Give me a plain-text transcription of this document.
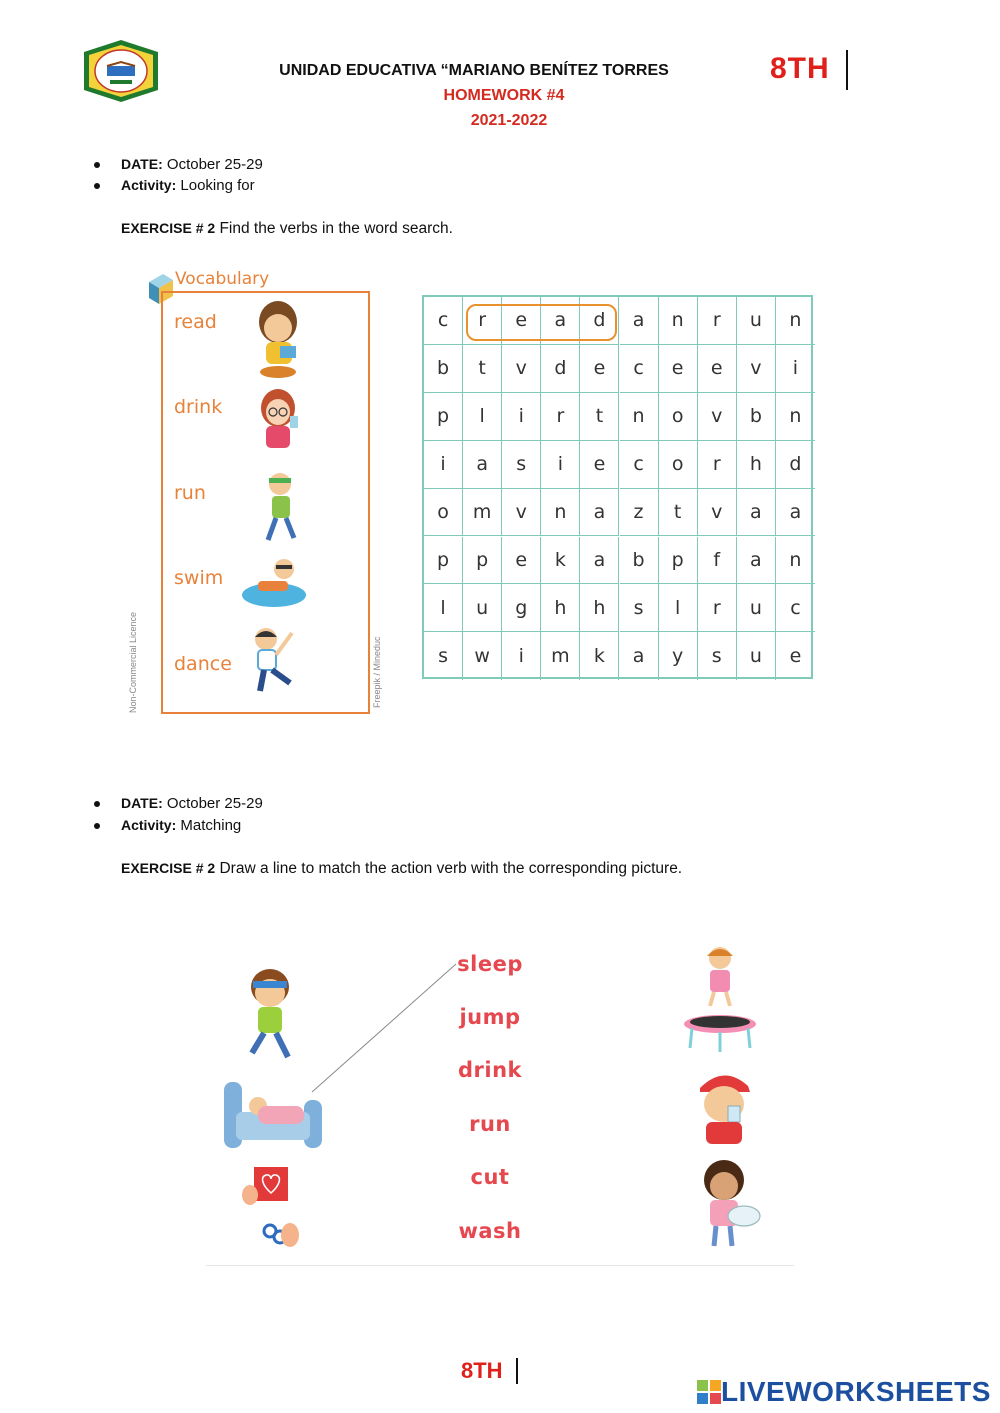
UNIDAD EDUCATIVA “MARIANO BENÍTEZ TORRES
HOMEWORK #4
2021-2022
8TH
DATE: October 25-29
Activity: Looking for
EXERCISE # 2 Find the verbs in the word search.
Vocabulary
read
drink
run
swim
dance
Non-Commercial Licence	Freepik / Mineduc
c	r	e	a	d	a	n	r	u	n
b	t	v	d	e	c	e	e	v	i
p	l	i	r	t	n	o	v	b	n
i	a	s	i	e	c	o	r	h	d
o	m	v	n	a	z	t	v	a	a
p	p	e	k	a	b	p	f	a	n
l	u	g	h	h	s	l	r	u	c
s	w	i	m	k	a	y	s	u	e
DATE: October 25-29
Activity: Matching
EXERCISE # 2 Draw a line to match the action verb with the corresponding picture.
sleep
jump
drink
run
cut
wash
8TH
LIVEWORKSHEETS
